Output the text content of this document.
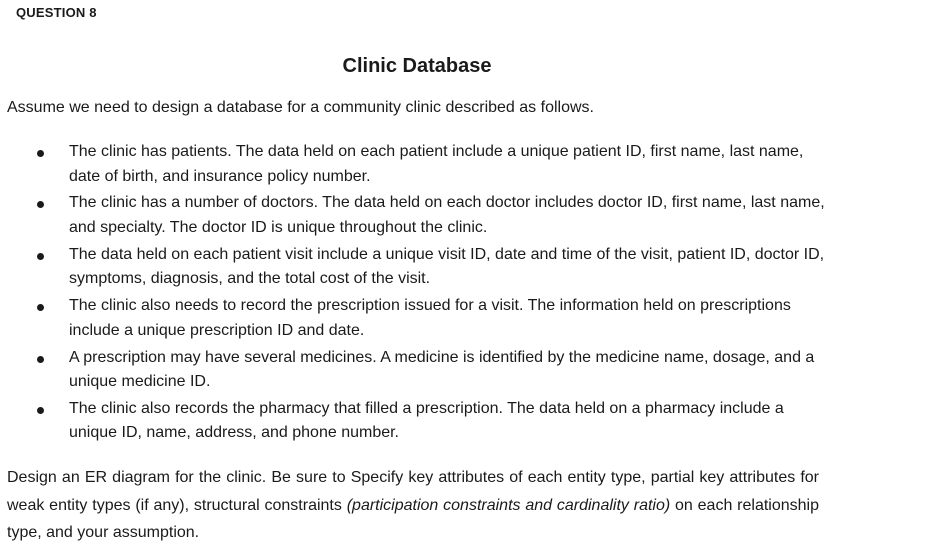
QUESTION 8
Clinic Database

Assume we need to design a database for a community clinic described as follows.

The clinic has patients. The data held on each patient include a unique patient ID, first name, last name, date of birth, and insurance policy number.
The clinic has a number of doctors. The data held on each doctor includes doctor ID, first name, last name, and specialty. The doctor ID is unique throughout the clinic.
The data held on each patient visit include a unique visit ID, date and time of the visit, patient ID, doctor ID, symptoms, diagnosis, and the total cost of the visit.
The clinic also needs to record the prescription issued for a visit. The information held on prescriptions include a unique prescription ID and date.
A prescription may have several medicines. A medicine is identified by the medicine name, dosage, and a unique medicine ID.
The clinic also records the pharmacy that filled a prescription. The data held on a pharmacy include a unique ID, name, address, and phone number.

Design an ER diagram for the clinic. Be sure to Specify key attributes of each entity type, partial key attributes for weak entity types (if any), structural constraints (participation constraints and cardinality ratio) on each relationship type, and your assumption.
